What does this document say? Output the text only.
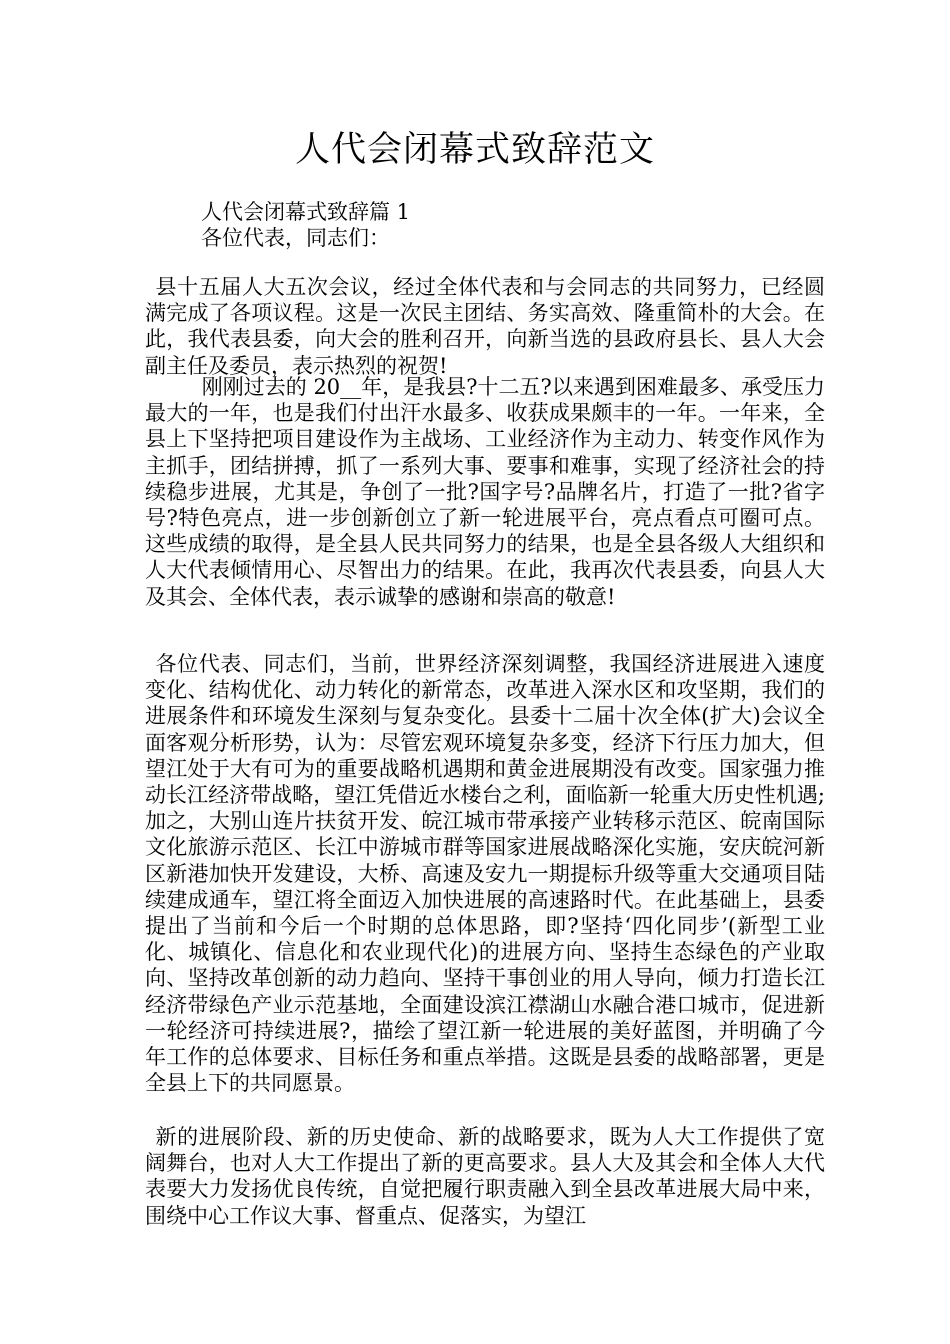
人代会闭幕式致辞范文

人代会闭幕式致辞篇 1

各位代表，同志们：

县十五届人大五次会议，经过全体代表和与会同志的共同努力，已经圆满完成了各项议程。这是一次民主团结、务实高效、隆重简朴的大会。在此，我代表县委，向大会的胜利召开，向新当选的县政府县长、县人大会副主任及委员，表示热烈的祝贺!

刚刚过去的 20__年，是我县?十二五?以来遇到困难最多、承受压力最大的一年，也是我们付出汗水最多、收获成果颇丰的一年。一年来，全县上下坚持把项目建设作为主战场、工业经济作为主动力、转变作风作为主抓手，团结拼搏，抓了一系列大事、要事和难事，实现了经济社会的持续稳步进展，尤其是，争创了一批?国字号?品牌名片，打造了一批?省字号?特色亮点，进一步创新创立了新一轮进展平台，亮点看点可圈可点。这些成绩的取得，是全县人民共同努力的结果，也是全县各级人大组织和人大代表倾情用心、尽智出力的结果。在此，我再次代表县委，向县人大及其会、全体代表，表示诚挚的感谢和崇高的敬意!

各位代表、同志们，当前，世界经济深刻调整，我国经济进展进入速度变化、结构优化、动力转化的新常态，改革进入深水区和攻坚期，我们的进展条件和环境发生深刻与复杂变化。县委十二届十次全体(扩大)会议全面客观分析形势，认为：尽管宏观环境复杂多变，经济下行压力加大，但望江处于大有可为的重要战略机遇期和黄金进展期没有改变。国家强力推动长江经济带战略，望江凭借近水楼台之利，面临新一轮重大历史性机遇;加之，大别山连片扶贫开发、皖江城市带承接产业转移示范区、皖南国际文化旅游示范区、长江中游城市群等国家进展战略深化实施，安庆皖河新区新港加快开发建设，大桥、高速及安九一期提标升级等重大交通项目陆续建成通车，望江将全面迈入加快进展的高速路时代。在此基础上，县委提出了当前和今后一个时期的总体思路，即?坚持‘四化同步’(新型工业化、城镇化、信息化和农业现代化)的进展方向、坚持生态绿色的产业取向、坚持改革创新的动力趋向、坚持干事创业的用人导向，倾力打造长江经济带绿色产业示范基地，全面建设滨江襟湖山水融合港口城市，促进新一轮经济可持续进展?，描绘了望江新一轮进展的美好蓝图，并明确了今年工作的总体要求、目标任务和重点举措。这既是县委的战略部署，更是全县上下的共同愿景。

新的进展阶段、新的历史使命、新的战略要求，既为人大工作提供了宽阔舞台，也对人大工作提出了新的更高要求。县人大及其会和全体人大代表要大力发扬优良传统，自觉把履行职责融入到全县改革进展大局中来，围绕中心工作议大事、督重点、促落实，为望江
